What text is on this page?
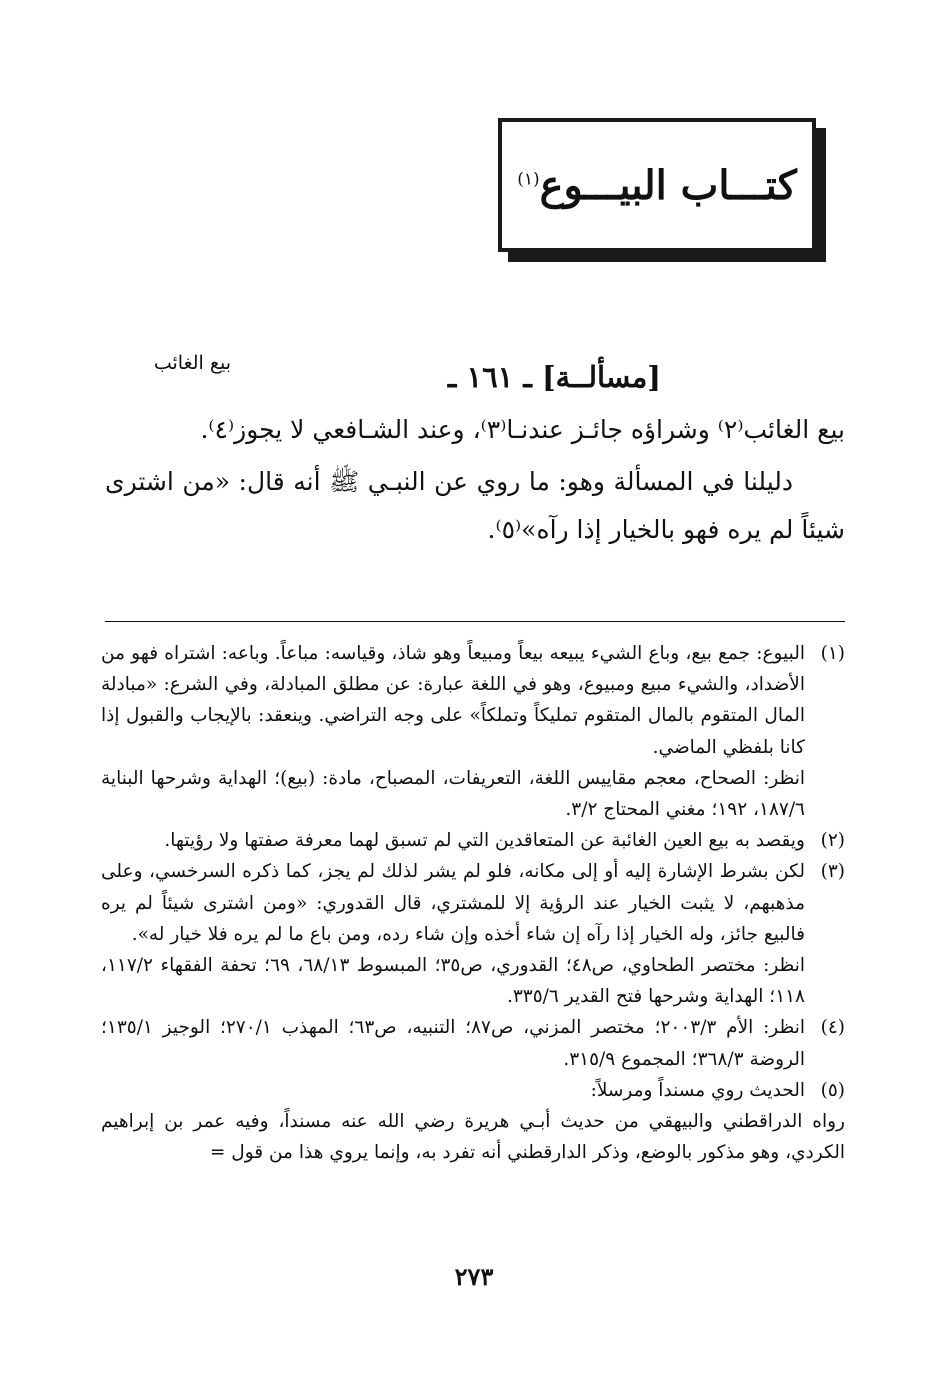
كتـــاب البيـــوع$^{(١)}$
بيع الغائب	[مسألــة] ـ ١٦١ ـ

بيع الغائب⁽٢⁾ وشراؤه جائـز عندنـا⁽٣⁾، وعند الشـافعي لا يجوز⁽٤⁾.

دليلنا في المسألة وهو: ما روي عن النبـي ﷺ أنه قال: «من اشترى شيئاً لم يره فهو بالخيار إذا رآه»⁽٥⁾.

(١)

البيوع: جمع بيع، وباع الشيء يبيعه بيعاً ومبيعاً وهو شاذ، وقياسه: مباعاً. وباعه: اشتراه فهو من الأضداد، والشيء مبيع ومبيوع، وهو في اللغة عبارة: عن مطلق المبادلة، وفي الشرع: «مبادلة المال المتقوم بالمال المتقوم تمليكاً وتملكاً» على وجه التراضي. وينعقد: بالإيجاب والقبول إذا كانا بلفظي الماضي.

انظر: الصحاح، معجم مقاييس اللغة، التعريفات، المصباح، مادة: (بيع)؛ الهداية وشرحها البناية ١٨٧/٦، ١٩٢؛ مغني المحتاج ٣/٢.

(٢)

ويقصد به بيع العين الغائبة عن المتعاقدين التي لم تسبق لهما معرفة صفتها ولا رؤيتها.

(٣)

لكن بشرط الإشارة إليه أو إلى مكانه، فلو لم يشر لذلك لم يجز، كما ذكره السرخسي، وعلى مذهبهم، لا يثبت الخيار عند الرؤية إلا للمشتري، قال القدوري: «ومن اشترى شيئاً لم يره فالبيع جائز، وله الخيار إذا رآه إن شاء أخذه وإن شاء رده، ومن باع ما لم يره فلا خيار له».

انظر: مختصر الطحاوي، ص٤٨؛ القدوري، ص٣٥؛ المبسوط ٦٨/١٣، ٦٩؛ تحفة الفقهاء ١١٧/٢، ١١٨؛ الهداية وشرحها فتح القدير ٣٣٥/٦.

(٤)

انظر: الأم ٢٠٠٣/٣؛ مختصر المزني، ص٨٧؛ التنبيه، ص٦٣؛ المهذب ٢٧٠/١؛ الوجيز ١٣٥/١؛ الروضة ٣٦٨/٣؛ المجموع ٣١٥/٩.

(٥)

الحديث روي مسنداً ومرسلاً:

رواه الدراقطني والبيهقي من حديث أبـي هريرة رضي الله عنه مسنداً، وفيه عمر بن إبراهيم الكردي، وهو مذكور بالوضع، وذكر الدارقطني أنه تفرد به، وإنما يروي هذا من قول =

٢٧٣
